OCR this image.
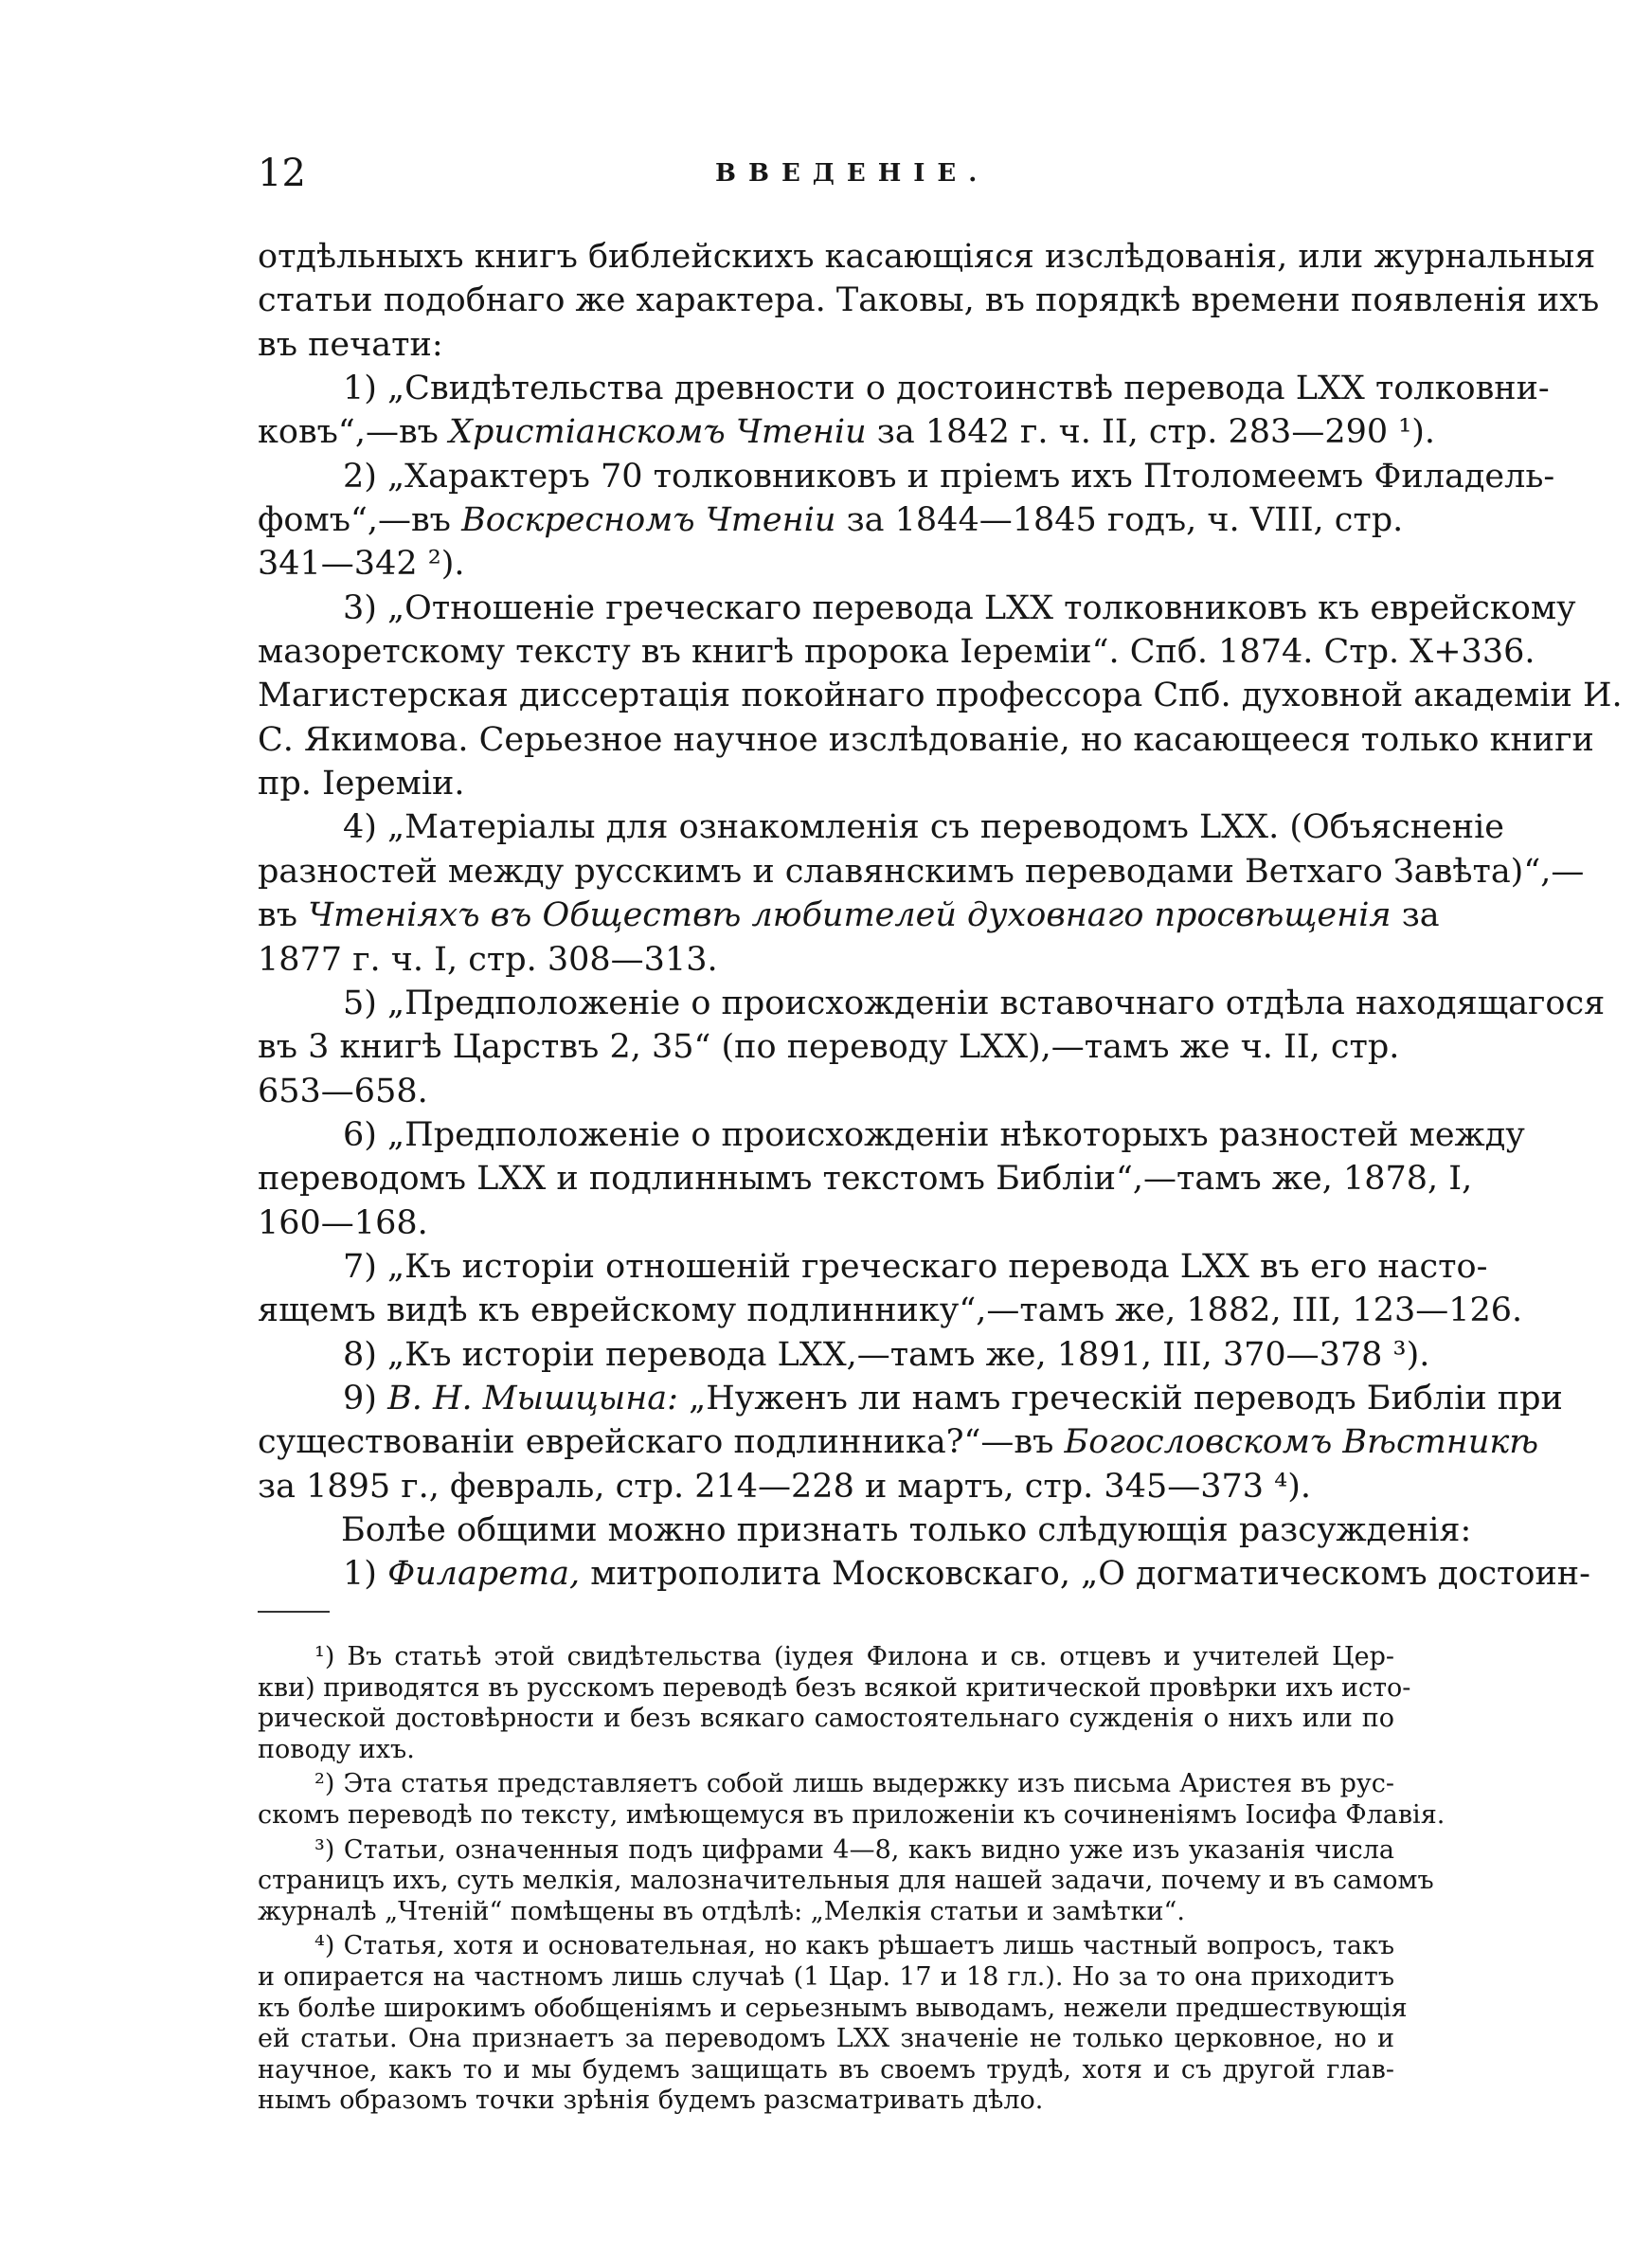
12	ВВЕДЕНІЕ.
отдѣльныхъ книгъ библейскихъ касающіяся изслѣдованія, или журнальныя
статьи подобнаго же характера. Таковы, въ порядкѣ времени появленія ихъ
въ печати:
1) „Свидѣтельства древности о достоинствѣ перевода LXX толковни-
ковъ“,—въ Христіанскомъ Чтеніи за 1842 г. ч. II, стр. 283—290 ¹).
2) „Характеръ 70 толковниковъ и пріемъ ихъ Птоломеемъ Филадель-
фомъ“,—въ Воскресномъ Чтеніи за 1844—1845 годъ, ч. VIII, стр.
341—342 ²).
3) „Отношеніе греческаго перевода LXX толковниковъ къ еврейскому
мазоретскому тексту въ книгѣ пророка Іереміи“. Спб. 1874. Стр. X+336.
Магистерская диссертація покойнаго профессора Спб. духовной академіи И.
С. Якимова. Серьезное научное изслѣдованіе, но касающееся только книги
пр. Іереміи.
4) „Матеріалы для ознакомленія съ переводомъ LXX. (Объясненіе
разностей между русскимъ и славянскимъ переводами Ветхаго Завѣта)“,—
въ Чтеніяхъ въ Обществѣ любителей духовнаго просвѣщенія за
1877 г. ч. I, стр. 308—313.
5) „Предположеніе о происхожденіи вставочнаго отдѣла находящагося
въ 3 книгѣ Царствъ 2, 35“ (по переводу LXX),—тамъ же ч. II, стр.
653—658.
6) „Предположеніе о происхожденіи нѣкоторыхъ разностей между
переводомъ LXX и подлиннымъ текстомъ Библіи“,—тамъ же, 1878, I,
160—168.
7) „Къ исторіи отношеній греческаго перевода LXX въ его насто-
ящемъ видѣ къ еврейскому подлиннику“,—тамъ же, 1882, III, 123—126.
8) „Къ исторіи перевода LXX,—тамъ же, 1891, III, 370—378 ³).
9) В. Н. Мышцына: „Нуженъ ли намъ греческій переводъ Библіи при
существованіи еврейскаго подлинника?“—въ Богословскомъ Вѣстникѣ
за 1895 г., февраль, стр. 214—228 и мартъ, стр. 345—373 ⁴).
Болѣе общими можно признать только слѣдующія разсужденія:
1) Филарета, митрополита Московскаго, „О догматическомъ достоин-
¹) Въ статьѣ этой свидѣтельства (іудея Филона и св. отцевъ и учителей Цер-
кви) приводятся въ русскомъ переводѣ безъ всякой критической провѣрки ихъ исто-
рической достовѣрности и безъ всякаго самостоятельнаго сужденія о нихъ или по
поводу ихъ.
²) Эта статья представляетъ собой лишь выдержку изъ письма Аристея въ рус-
скомъ переводѣ по тексту, имѣющемуся въ приложеніи къ сочиненіямъ Іосифа Флавія.
³) Статьи, означенныя подъ цифрами 4—8, какъ видно уже изъ указанія числа
страницъ ихъ, суть мелкія, малозначительныя для нашей задачи, почему и въ самомъ
журналѣ „Чтеній“ помѣщены въ отдѣлѣ: „Мелкія статьи и замѣтки“.
⁴) Статья, хотя и основательная, но какъ рѣшаетъ лишь частный вопросъ, такъ
и опирается на частномъ лишь случаѣ (1 Цар. 17 и 18 гл.). Но за то она приходитъ
къ болѣе широкимъ обобщеніямъ и серьезнымъ выводамъ, нежели предшествующія
ей статьи. Она признаетъ за переводомъ LXX значеніе не только церковное, но и
научное, какъ то и мы будемъ защищать въ своемъ трудѣ, хотя и съ другой глав-
нымъ образомъ точки зрѣнія будемъ разсматривать дѣло.
